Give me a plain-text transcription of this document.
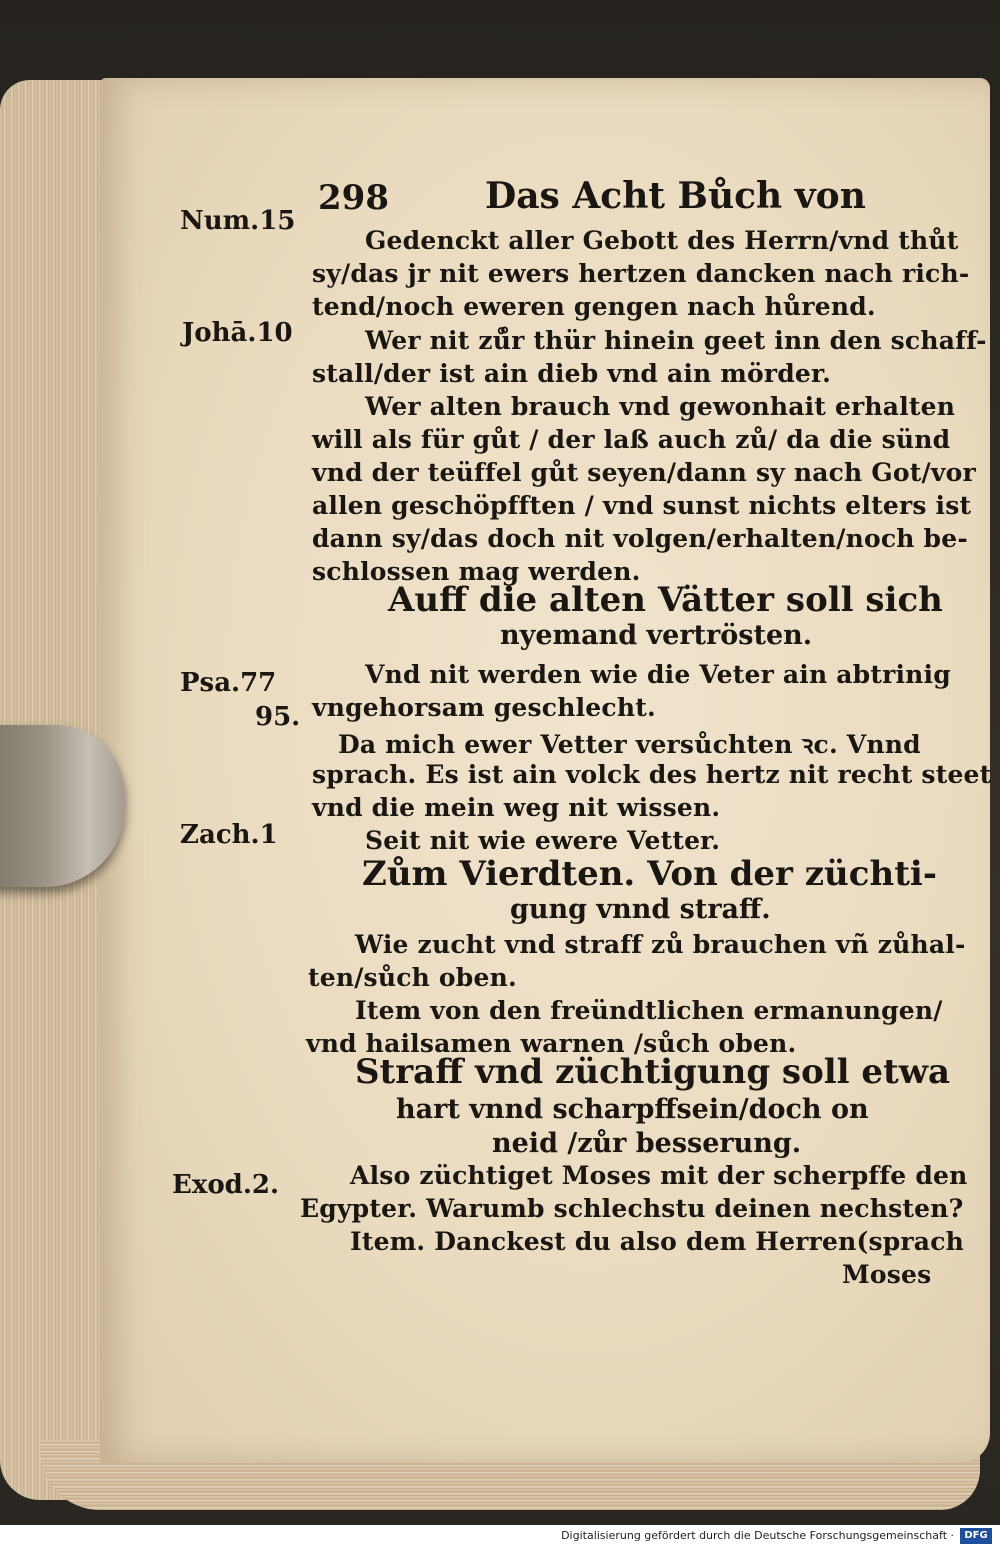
298	Das Acht Bůch von

Num.15

Johā.10

Psa.77

95.

Zach.1

Exod.2.

Gedenckt aller Gebott des Herrn/vnd thůt

sy/das jr nit ewers hertzen dancken nach rich-

tend/noch eweren gengen nach hůrend.

Wer nit zů̊r thür hinein geet inn den schaff-

stall/der ist ain dieb vnd ain mörder.

Wer alten brauch vnd gewonhait erhalten

will als für gůt / der laß auch zů/ da die sünd

vnd der teüffel gůt seyen/dann sy nach Got/vor

allen geschöpfften / vnd sunst nichts elters ist

dann sy/das doch nit volgen/erhalten/noch be-

schlossen mag werden.

Auff die alten Vätter soll sich

nyemand vertrösten.

Vnd nit werden wie die Veter ain abtrinig

vngehorsam geschlecht.

Da mich ewer Vetter versůchten ꝛc. Vnnd

sprach. Es ist ain volck des hertz nit recht steet

vnd die mein weg nit wissen.

Seit nit wie ewere Vetter.

Zům Vierdten. Von der züchti-

gung vnnd straff.

Wie zucht vnd straff zů brauchen vñ zůhal-

ten/sůch oben.

Item von den freündtlichen ermanungen/

vnd hailsamen warnen /sůch oben.

Straff vnd züchtigung soll etwa

hart vnnd scharpffsein/doch on

neid /zůr besserung.

Also züchtiget Moses mit der scherpffe den

Egypter. Warumb schlechstu deinen nechsten?

Item. Danckest du also dem Herren(sprach

Moses

Digitalisierung gefördert durch die Deutsche Forschungsgemeinschaft ·	DFG
